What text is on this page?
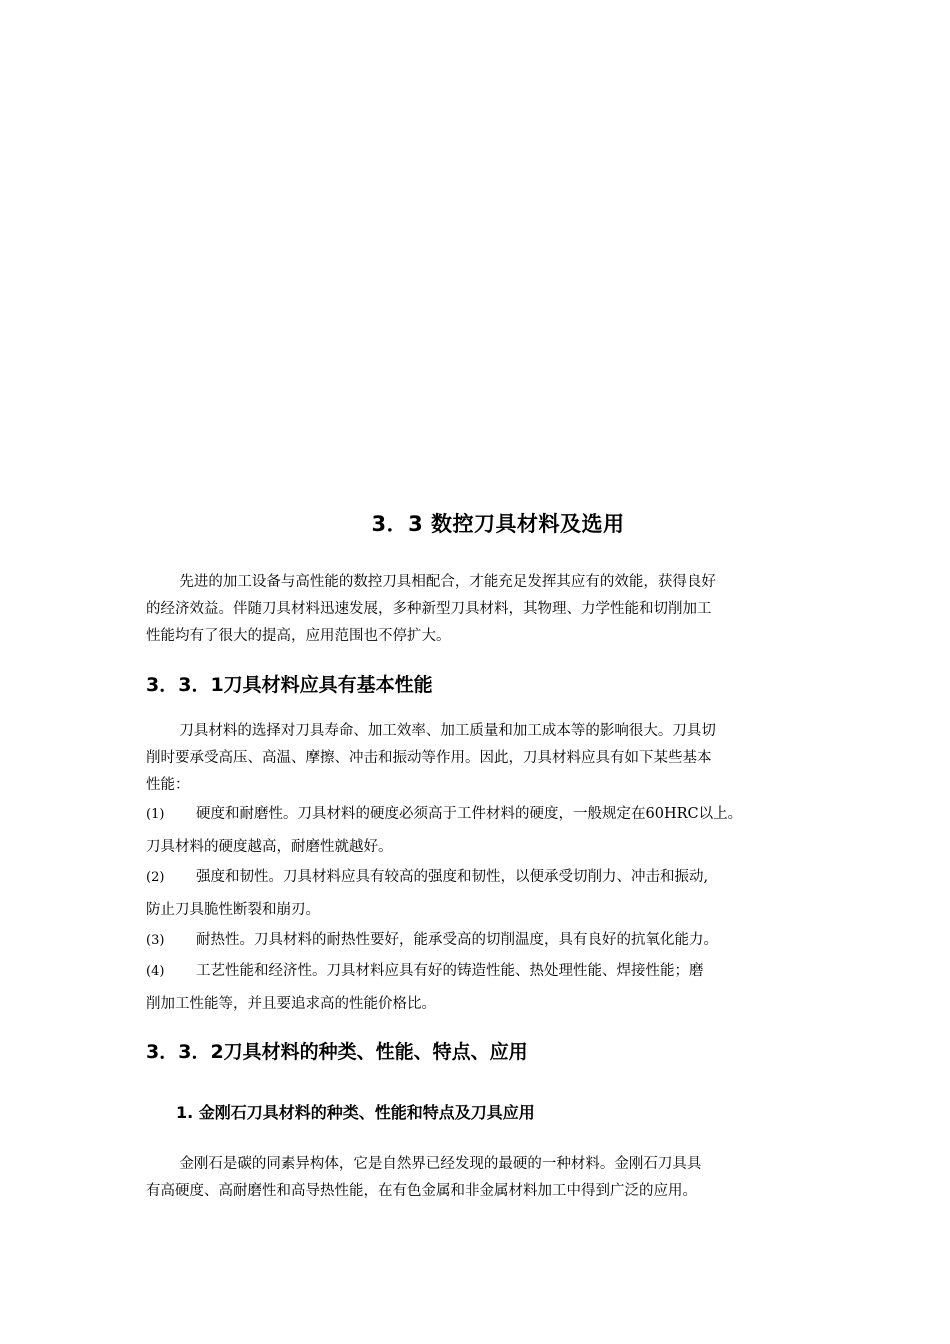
3．3 数控刀具材料及选用
先进的加工设备与高性能的数控刀具相配合，才能充足发挥其应有的效能，获得良好
的经济效益。伴随刀具材料迅速发展，多种新型刀具材料，其物理、力学性能和切削加工
性能均有了很大的提高，应用范围也不停扩大。
3．3．1刀具材料应具有基本性能
刀具材料的选择对刀具寿命、加工效率、加工质量和加工成本等的影响很大。刀具切
削时要承受高压、高温、摩擦、冲击和振动等作用。因此，刀具材料应具有如下某些基本
性能：
(1) 硬度和耐磨性。刀具材料的硬度必须高于工件材料的硬度，一般规定在60HRC以上。
刀具材料的硬度越高，耐磨性就越好。
(2) 强度和韧性。刀具材料应具有较高的强度和韧性，以便承受切削力、冲击和振动,
防止刀具脆性断裂和崩刃。
(3) 耐热性。刀具材料的耐热性要好，能承受高的切削温度，具有良好的抗氧化能力。
(4) 工艺性能和经济性。刀具材料应具有好的铸造性能、热处理性能、焊接性能；磨
削加工性能等，并且要追求高的性能价格比。
3．3．2刀具材料的种类、性能、特点、应用
1. 金刚石刀具材料的种类、性能和特点及刀具应用
金刚石是碳的同素异构体，它是自然界已经发现的最硬的一种材料。金刚石刀具具
有高硬度、高耐磨性和高导热性能，在有色金属和非金属材料加工中得到广泛的应用。
